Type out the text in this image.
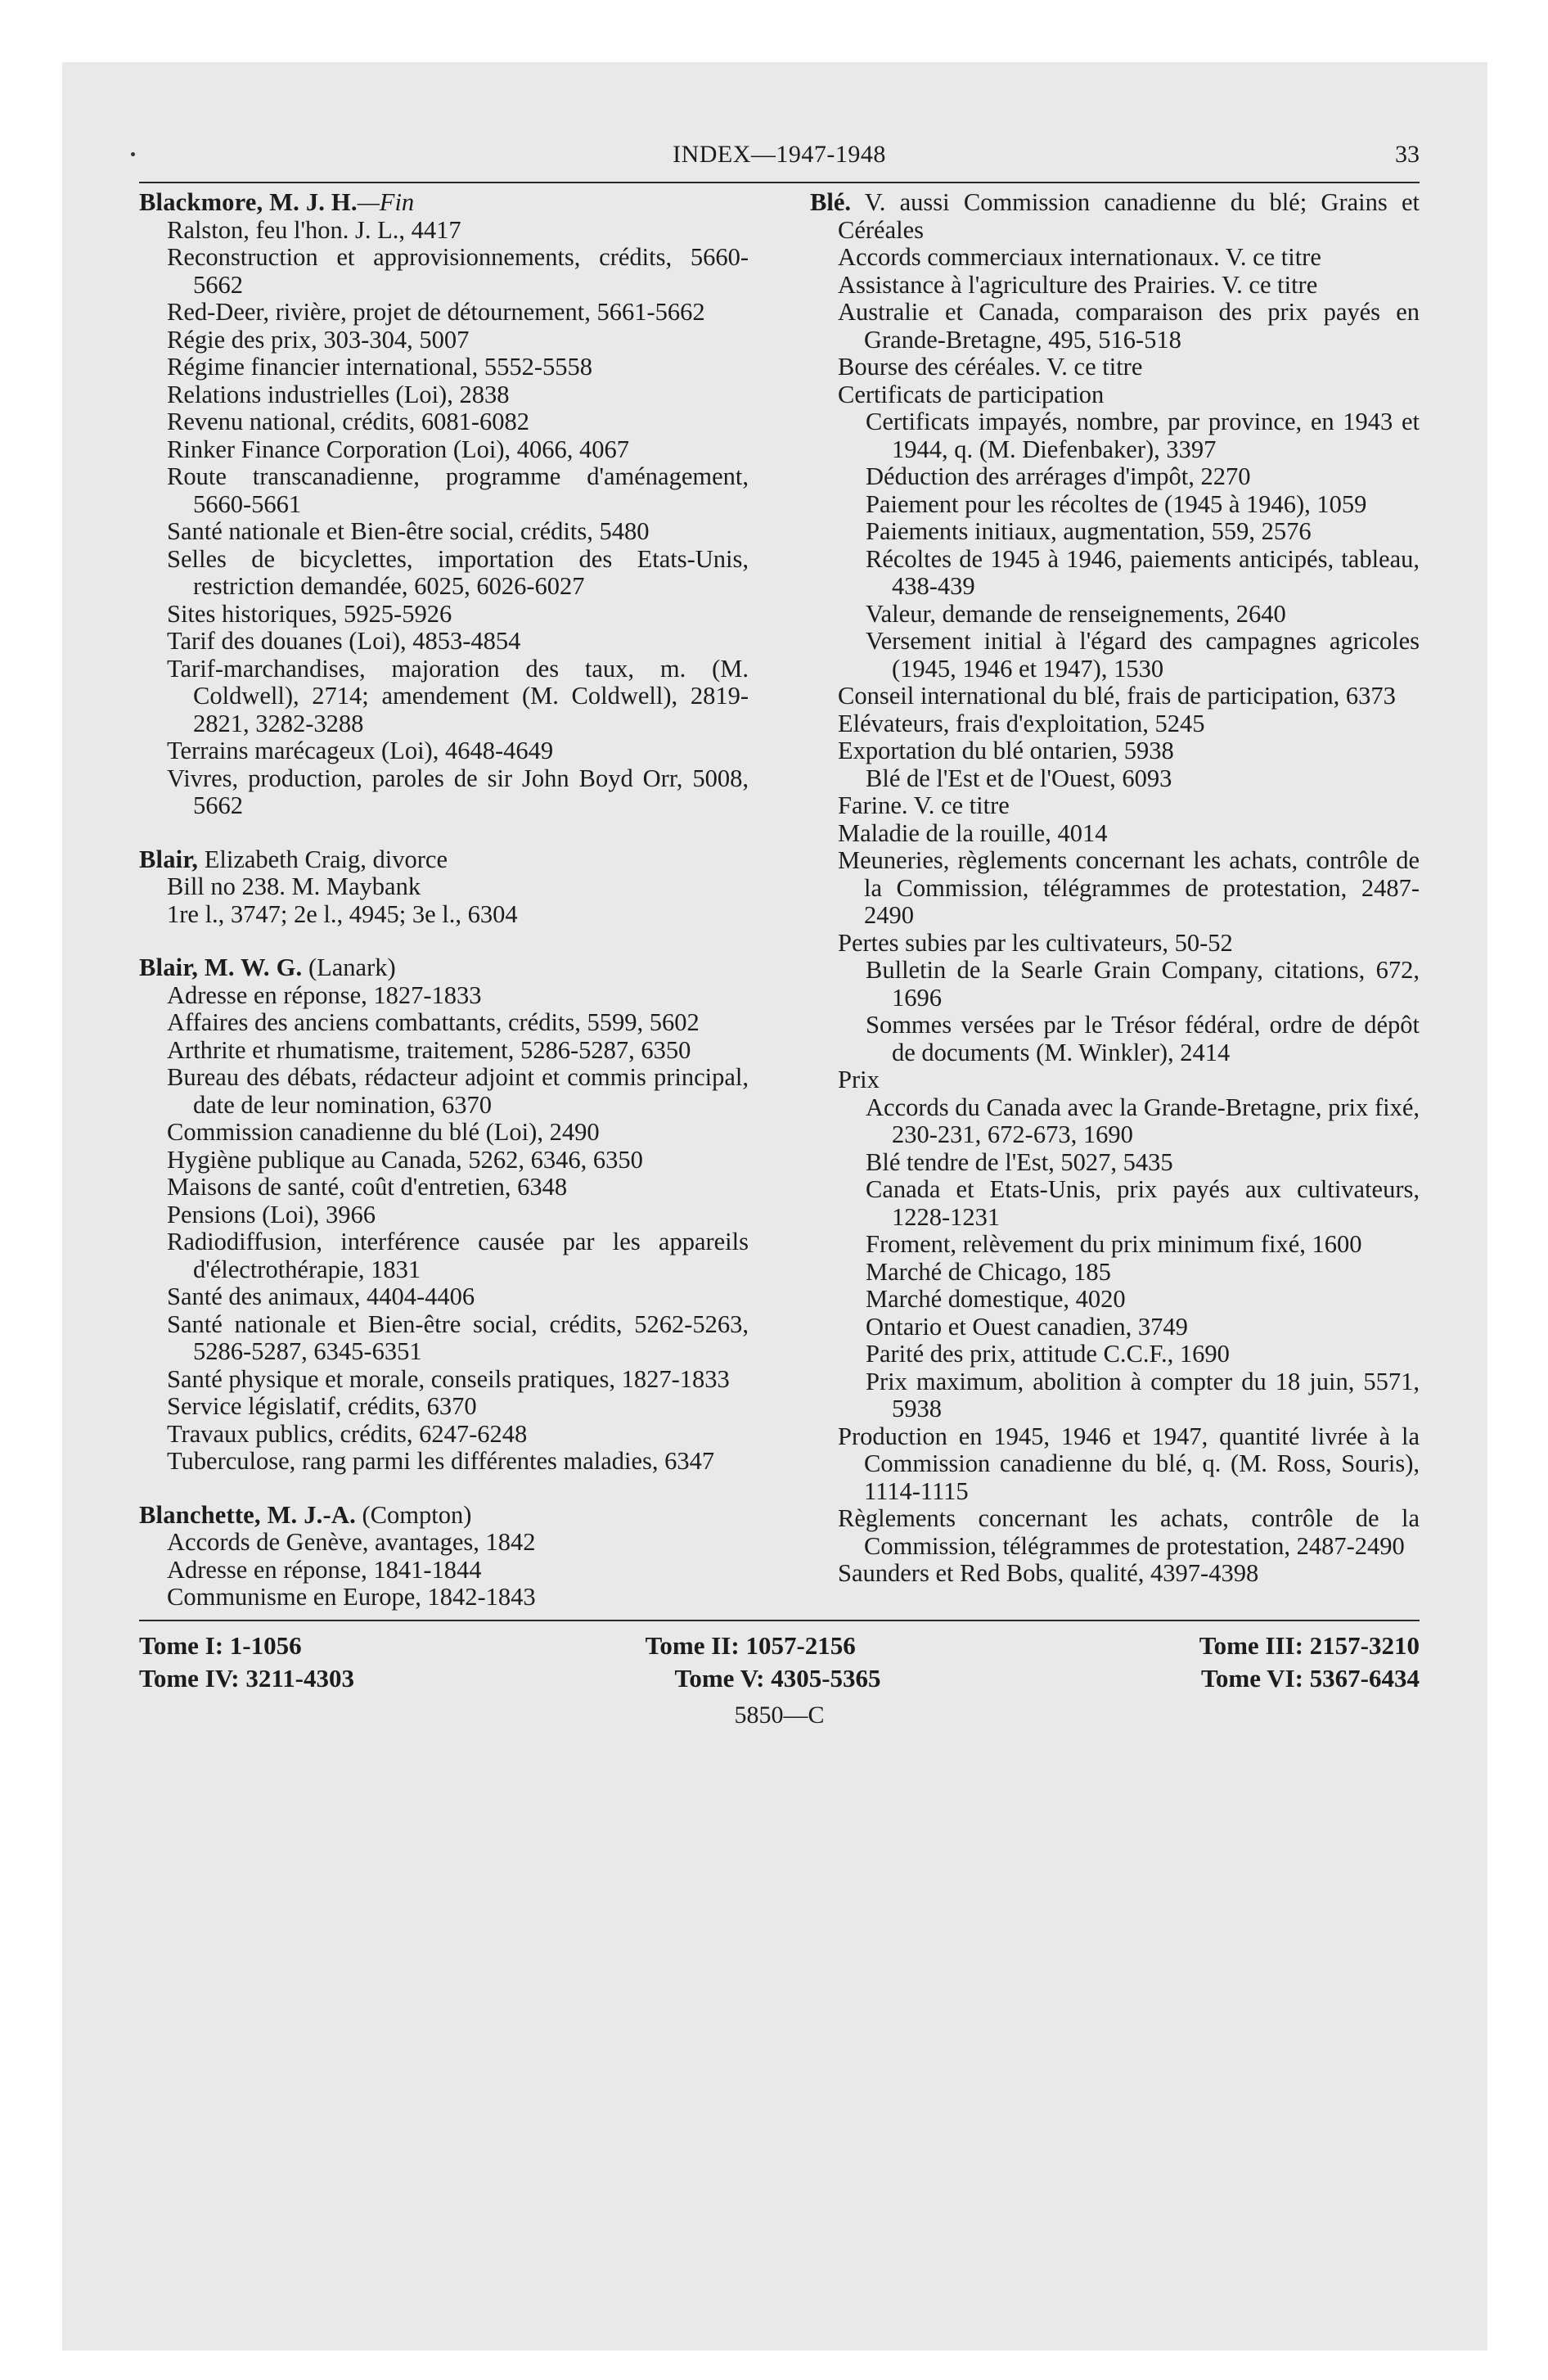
INDEX—1947-1948	33
Blackmore, M. J. H.—Fin
Ralston, feu l'hon. J. L., 4417
Reconstruction et approvisionnements, crédits, 5660-5662
Red-Deer, rivière, projet de détournement, 5661-5662
Régie des prix, 303-304, 5007
Régime financier international, 5552-5558
Relations industrielles (Loi), 2838
Revenu national, crédits, 6081-6082
Rinker Finance Corporation (Loi), 4066, 4067
Route transcanadienne, programme d'aménagement, 5660-5661
Santé nationale et Bien-être social, crédits, 5480
Selles de bicyclettes, importation des Etats-Unis, restriction demandée, 6025, 6026-6027
Sites historiques, 5925-5926
Tarif des douanes (Loi), 4853-4854
Tarif-marchandises, majoration des taux, m. (M. Coldwell), 2714; amendement (M. Coldwell), 2819-2821, 3282-3288
Terrains marécageux (Loi), 4648-4649
Vivres, production, paroles de sir John Boyd Orr, 5008, 5662
Blair, Elizabeth Craig, divorce
Bill no 238. M. Maybank
1re l., 3747; 2e l., 4945; 3e l., 6304
Blair, M. W. G. (Lanark)
Adresse en réponse, 1827-1833
Affaires des anciens combattants, crédits, 5599, 5602
Arthrite et rhumatisme, traitement, 5286-5287, 6350
Bureau des débats, rédacteur adjoint et commis principal, date de leur nomination, 6370
Commission canadienne du blé (Loi), 2490
Hygiène publique au Canada, 5262, 6346, 6350
Maisons de santé, coût d'entretien, 6348
Pensions (Loi), 3966
Radiodiffusion, interférence causée par les appareils d'électrothérapie, 1831
Santé des animaux, 4404-4406
Santé nationale et Bien-être social, crédits, 5262-5263, 5286-5287, 6345-6351
Santé physique et morale, conseils pratiques, 1827-1833
Service législatif, crédits, 6370
Travaux publics, crédits, 6247-6248
Tuberculose, rang parmi les différentes maladies, 6347
Blanchette, M. J.-A. (Compton)
Accords de Genève, avantages, 1842
Adresse en réponse, 1841-1844
Communisme en Europe, 1842-1843
Blé. V. aussi Commission canadienne du blé; Grains et Céréales
Accords commerciaux internationaux. V. ce titre
Assistance à l'agriculture des Prairies. V. ce titre
Australie et Canada, comparaison des prix payés en Grande-Bretagne, 495, 516-518
Bourse des céréales. V. ce titre
Certificats de participation
Certificats impayés, nombre, par province, en 1943 et 1944, q. (M. Diefenbaker), 3397
Déduction des arrérages d'impôt, 2270
Paiement pour les récoltes de (1945 à 1946), 1059
Paiements initiaux, augmentation, 559, 2576
Récoltes de 1945 à 1946, paiements anticipés, tableau, 438-439
Valeur, demande de renseignements, 2640
Versement initial à l'égard des campagnes agricoles (1945, 1946 et 1947), 1530
Conseil international du blé, frais de participation, 6373
Elévateurs, frais d'exploitation, 5245
Exportation du blé ontarien, 5938
Blé de l'Est et de l'Ouest, 6093
Farine. V. ce titre
Maladie de la rouille, 4014
Meuneries, règlements concernant les achats, contrôle de la Commission, télégrammes de protestation, 2487-2490
Pertes subies par les cultivateurs, 50-52
Bulletin de la Searle Grain Company, citations, 672, 1696
Sommes versées par le Trésor fédéral, ordre de dépôt de documents (M. Winkler), 2414
Prix
Accords du Canada avec la Grande-Bretagne, prix fixé, 230-231, 672-673, 1690
Blé tendre de l'Est, 5027, 5435
Canada et Etats-Unis, prix payés aux cultivateurs, 1228-1231
Froment, relèvement du prix minimum fixé, 1600
Marché de Chicago, 185
Marché domestique, 4020
Ontario et Ouest canadien, 3749
Parité des prix, attitude C.C.F., 1690
Prix maximum, abolition à compter du 18 juin, 5571, 5938
Production en 1945, 1946 et 1947, quantité livrée à la Commission canadienne du blé, q. (M. Ross, Souris), 1114-1115
Règlements concernant les achats, contrôle de la Commission, télégrammes de protestation, 2487-2490
Saunders et Red Bobs, qualité, 4397-4398
Tome I: 1-1056	Tome II: 1057-2156	Tome III: 2157-3210
Tome IV: 3211-4303	Tome V: 4305-5365	Tome VI: 5367-6434
5850—C
